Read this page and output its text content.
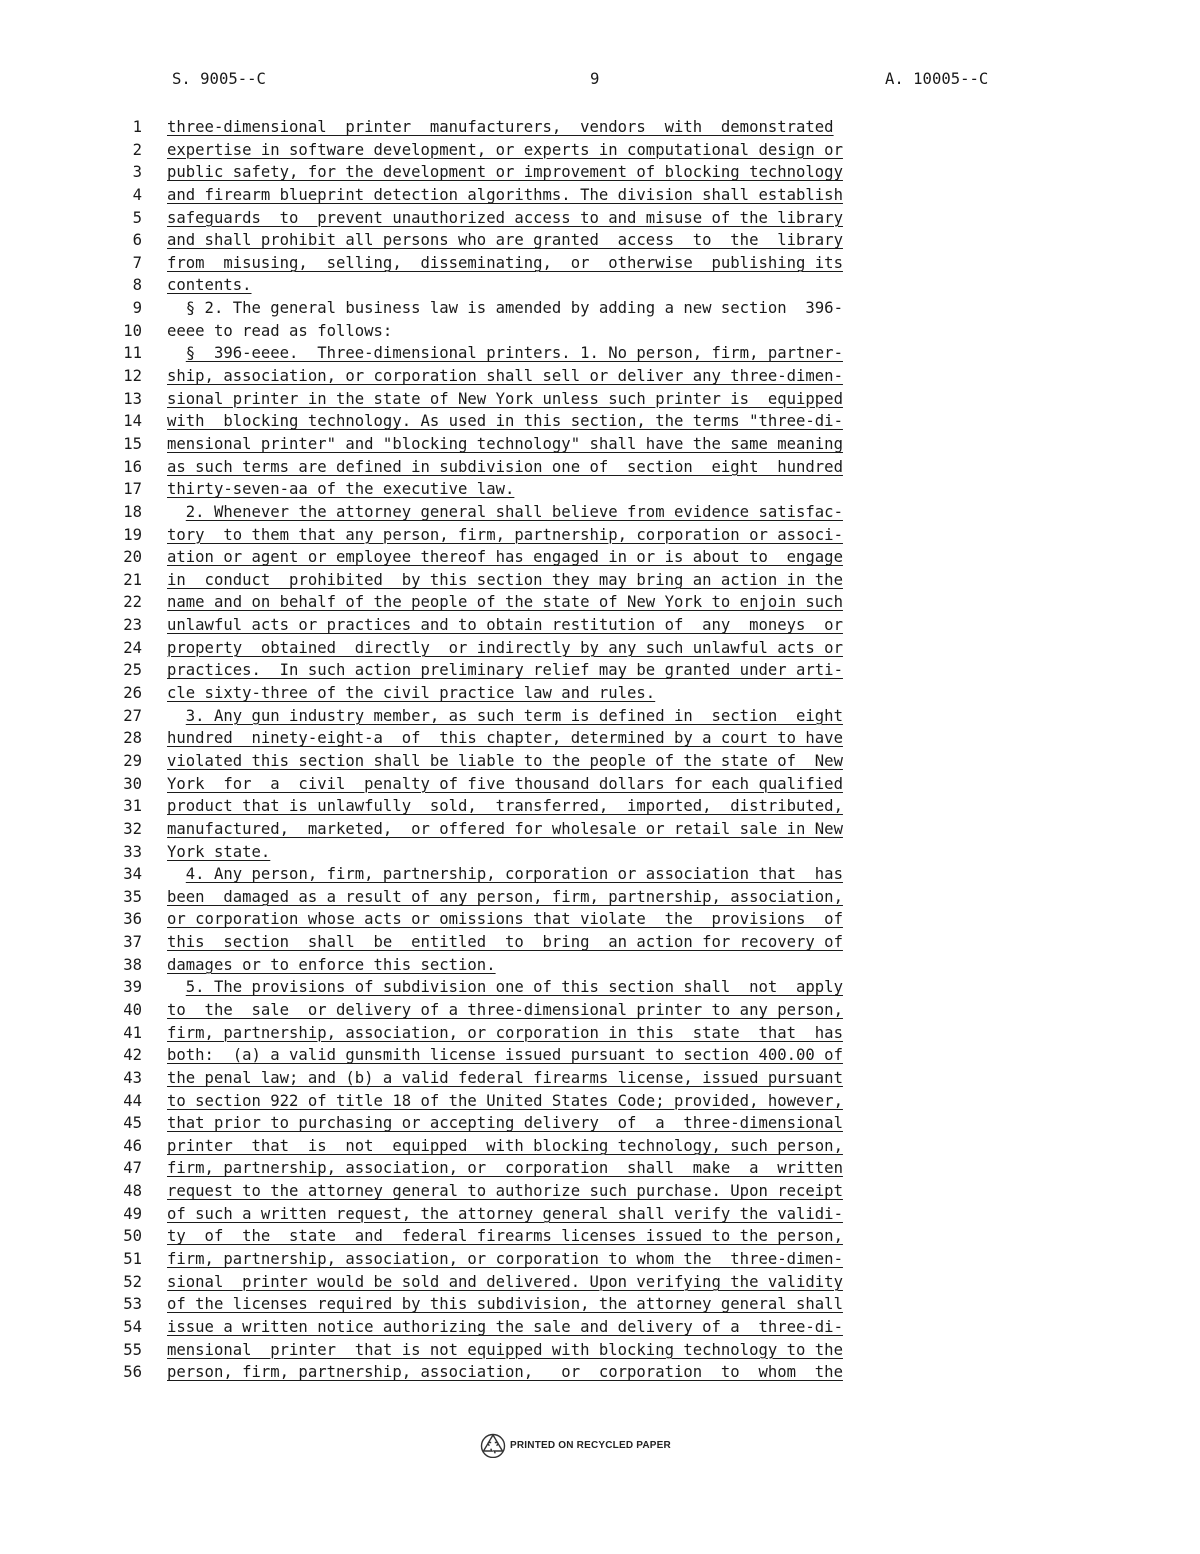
S. 9005--C	9	A. 10005--C
1 three-dimensional  printer  manufacturers,  vendors  with  demonstrated
2 expertise in software development, or experts in computational design or
3 public safety, for the development or improvement of blocking technology
4 and firearm blueprint detection algorithms. The division shall establish
5 safeguards  to  prevent unauthorized access to and misuse of the library
6 and shall prohibit all persons who are granted  access  to  the  library
7 from  misusing,  selling,  disseminating,  or  otherwise  publishing its
8 contents.
9 § 2. The general business law is amended by adding a new section  396-
10 eeee to read as follows:
11	§  396-eeee.  Three-dimensional printers. 1. No person, firm, partner-
12 ship, association, or corporation shall sell or deliver any three-dimen-
13 sional printer in the state of New York unless such printer is  equipped
14 with  blocking technology. As used in this section, the terms "three-di-
15 mensional printer" and "blocking technology" shall have the same meaning
16 as such terms are defined in subdivision one of  section  eight  hundred
17 thirty-seven-aa of the executive law.
18	2. Whenever the attorney general shall believe from evidence satisfac-
19 tory  to them that any person, firm, partnership, corporation or associ-
20 ation or agent or employee thereof has engaged in or is about to  engage
21 in  conduct  prohibited  by this section they may bring an action in the
22 name and on behalf of the people of the state of New York to enjoin such
23 unlawful acts or practices and to obtain restitution of  any  moneys  or
24 property  obtained  directly  or indirectly by any such unlawful acts or
25 practices.  In such action preliminary relief may be granted under arti-
26 cle sixty-three of the civil practice law and rules.
27	3. Any gun industry member, as such term is defined in  section  eight
28 hundred  ninety-eight-a  of  this chapter, determined by a court to have
29 violated this section shall be liable to the people of the state of  New
30 York  for  a  civil  penalty of five thousand dollars for each qualified
31 product that is unlawfully  sold,  transferred,  imported,  distributed,
32 manufactured,  marketed,  or offered for wholesale or retail sale in New
33 York state.
34	4. Any person, firm, partnership, corporation or association that  has
35 been  damaged as a result of any person, firm, partnership, association,
36 or corporation whose acts or omissions that violate  the  provisions  of
37 this  section  shall  be  entitled  to  bring  an action for recovery of
38 damages or to enforce this section.
39	5. The provisions of subdivision one of this section shall  not  apply
40 to  the  sale  or delivery of a three-dimensional printer to any person,
41 firm, partnership, association, or corporation in this  state  that  has
42 both:  (a) a valid gunsmith license issued pursuant to section 400.00 of
43 the penal law; and (b) a valid federal firearms license, issued pursuant
44 to section 922 of title 18 of the United States Code; provided, however,
45 that prior to purchasing or accepting delivery  of  a  three-dimensional
46 printer  that  is  not  equipped  with blocking technology, such person,
47 firm, partnership, association, or  corporation  shall  make  a  written
48 request to the attorney general to authorize such purchase. Upon receipt
49 of such a written request, the attorney general shall verify the validi-
50 ty  of  the  state  and  federal firearms licenses issued to the person,
51 firm, partnership, association, or corporation to whom the  three-dimen-
52 sional  printer would be sold and delivered. Upon verifying the validity
53 of the licenses required by this subdivision, the attorney general shall
54 issue a written notice authorizing the sale and delivery of a  three-di-
55 mensional  printer  that is not equipped with blocking technology to the
56 person, firm, partnership, association,   or  corporation  to  whom  the
PRINTED ON RECYCLED PAPER
